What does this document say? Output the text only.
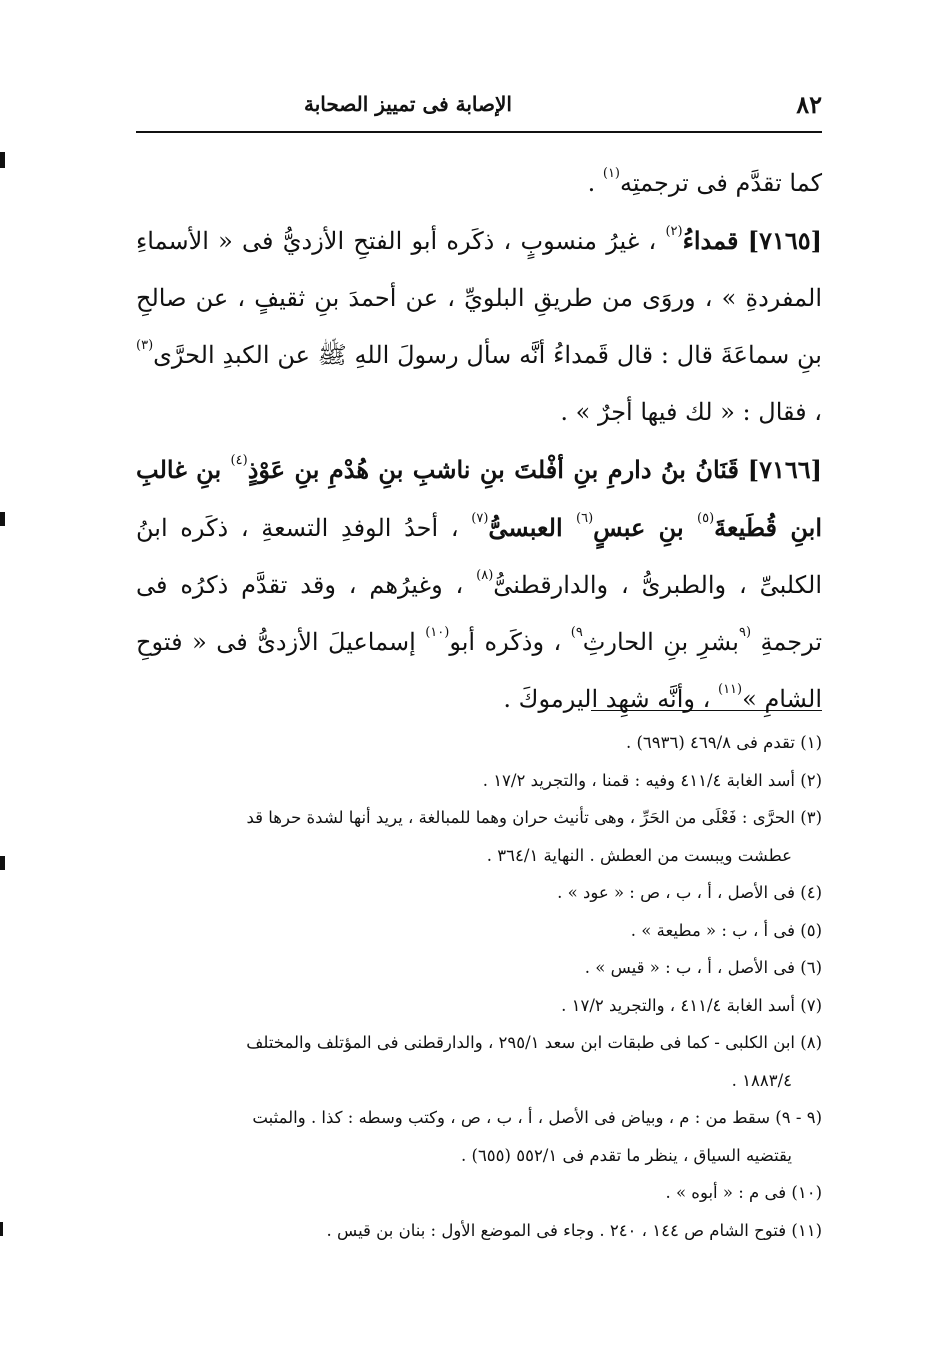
٨٢
الإصابة فى تمييز الصحابة

كما تقدَّم فى ترجمتِه$^{(١)}$ .

[٧١٦٥] قمداءُ$^{(٢)}$ ، غيرُ منسوبٍ ، ذكَره أبو الفتحِ الأزديُّ فى « الأسماءِ المفردةِ » ، وروَى من طريقِ البلويِّ ، عن أحمدَ بنِ ثقيفٍ ، عن صالحِ بنِ سماعَةَ قال : قال قَمداءُ أنَّه سأل رسولَ اللهِ ﷺ عن الكبدِ الحرَّى$^{(٣)}$ ، فقال : « لك فيها أجرٌ » .

[٧١٦٦] قَنَانُ بنُ دارمِ بنِ أفْلتَ بنِ ناشبِ بنِ هُدْمِ بنِ عَوْذٍ$^{(٤)}$ بنِ غالبِ ابنِ قُطَيعةَ$^{(٥)}$ بنِ عبسٍ$^{(٦)}$ العبسىُّ$^{(٧)}$ ، أحدُ الوفدِ التسعةِ ، ذكَره ابنُ الكلبىِّ ، والطبرىُّ ، والدارقطنىُّ$^{(٨)}$ ، وغيرُهم ، وقد تقدَّم ذكرُه فى ترجمةِ $^{(٩}$بشرِ بنِ الحارثِ$^{٩)}$ ، وذكَره أبو$^{(١٠)}$ إسماعيلَ الأزدىُّ فى « فتوحِ الشامِ »$^{(١١)}$ ، وأنَّه شهِد اليرموكَ .

(١) تقدم فى ٤٦٩/٨ (٦٩٣٦) .

(٢) أسد الغابة ٤١١/٤ وفيه : قمنا ، والتجريد ١٧/٢ .

(٣) الحرَّى : فَعْلَى من الحَرِّ ، وهى تأنيث حران وهما للمبالغة ، يريد أنها لشدة حرها قد

عطشت ويبست من العطش . النهاية ٣٦٤/١ .

(٤) فى الأصل ، أ ، ب ، ص : « عود » .

(٥) فى أ ، ب : « مطيعة » .

(٦) فى الأصل ، أ ، ب : « قيس » .

(٧) أسد الغابة ٤١١/٤ ، والتجريد ١٧/٢ .

(٨) ابن الكلبى - كما فى طبقات ابن سعد ٢٩٥/١ ، والدارقطنى فى المؤتلف والمختلف

١٨٨٣/٤ .

(٩ - ٩) سقط من : م ، وبياض فى الأصل ، أ ، ب ، ص ، وكتب وسطه : كذا . والمثبت

يقتضيه السياق ، ينظر ما تقدم فى ٥٥٢/١ (٦٥٥) .

(١٠) فى م : « أبوه » .

(١١) فتوح الشام ص ١٤٤ ، ٢٤٠ . وجاء فى الموضع الأول : بنان بن قيس .
